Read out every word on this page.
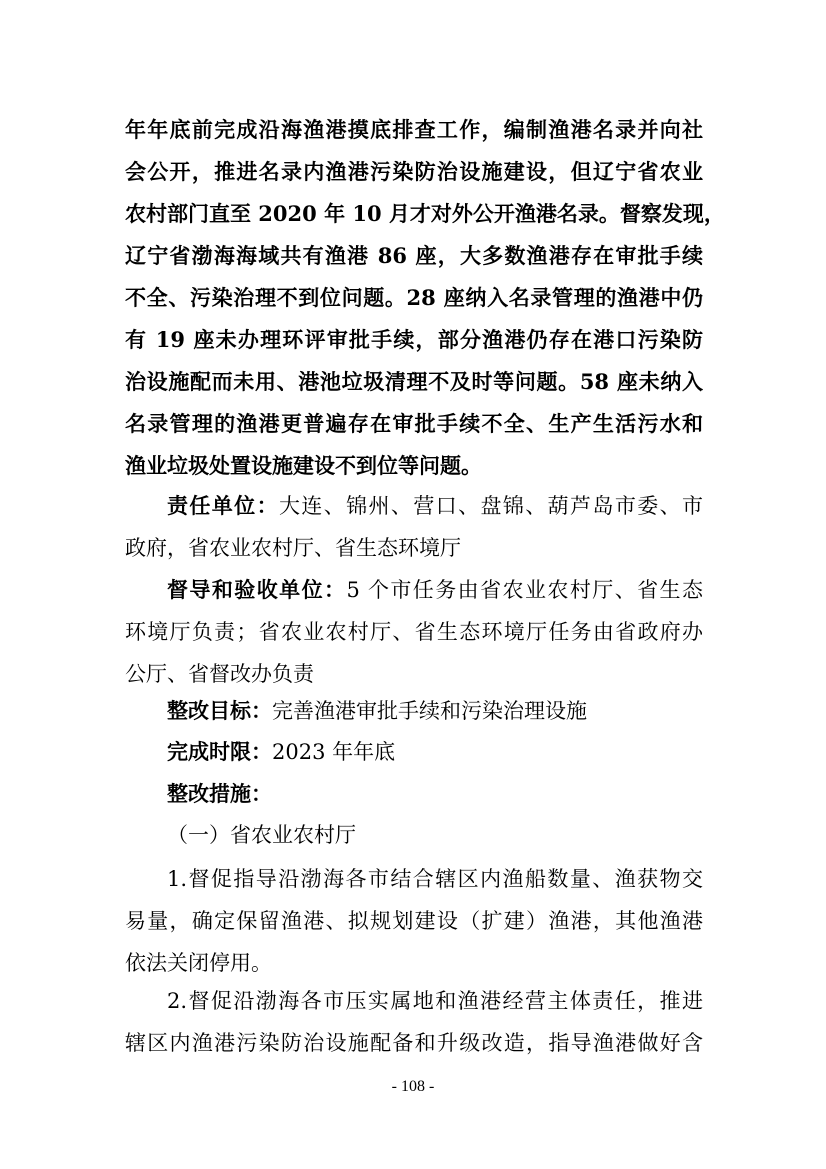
年年底前完成沿海渔港摸底排查工作，编制渔港名录并向社
会公开，推进名录内渔港污染防治设施建设，但辽宁省农业
农村部门直至 2020 年 10 月才对外公开渔港名录。督察发现，
辽宁省渤海海域共有渔港 86 座，大多数渔港存在审批手续
不全、污染治理不到位问题。28 座纳入名录管理的渔港中仍
有 19 座未办理环评审批手续，部分渔港仍存在港口污染防
治设施配而未用、港池垃圾清理不及时等问题。58 座未纳入
名录管理的渔港更普遍存在审批手续不全、生产生活污水和
渔业垃圾处置设施建设不到位等问题。
责任单位：大连、锦州、营口、盘锦、葫芦岛市委、市
政府，省农业农村厅、省生态环境厅
督导和验收单位：5 个市任务由省农业农村厅、省生态
环境厅负责；省农业农村厅、省生态环境厅任务由省政府办
公厅、省督改办负责
整改目标：完善渔港审批手续和污染治理设施
完成时限：2023 年年底
整改措施：
（一）省农业农村厅
1.督促指导沿渤海各市结合辖区内渔船数量、渔获物交
易量，确定保留渔港、拟规划建设（扩建）渔港，其他渔港
依法关闭停用。
2.督促沿渤海各市压实属地和渔港经营主体责任，推进
辖区内渔港污染防治设施配备和升级改造，指导渔港做好含
- 108 -
